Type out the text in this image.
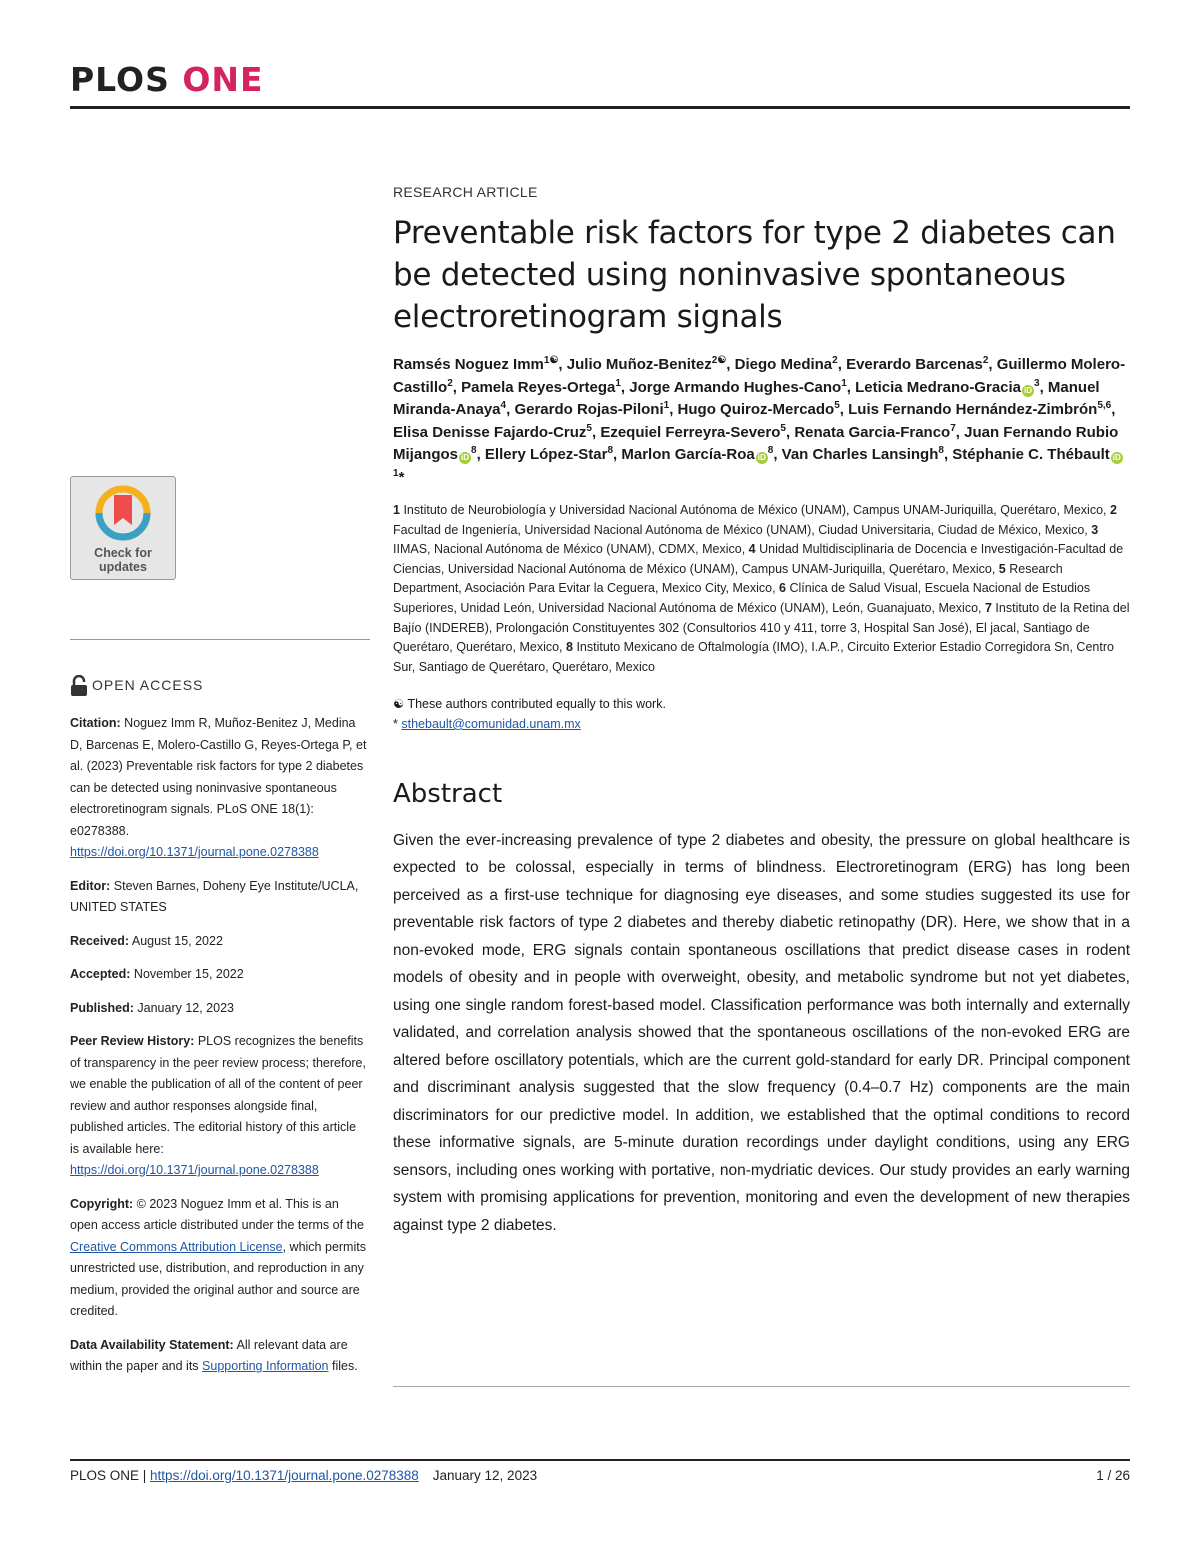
PLOS ONE
Check for
updates
OPEN ACCESS

Citation: Noguez Imm R, Muñoz-Benitez J, Medina D, Barcenas E, Molero-Castillo G, Reyes-Ortega P, et al. (2023) Preventable risk factors for type 2 diabetes can be detected using noninvasive spontaneous electroretinogram signals. PLoS ONE 18(1): e0278388. https://doi.org/10.1371/journal.pone.0278388

Editor: Steven Barnes, Doheny Eye Institute/UCLA, UNITED STATES

Received: August 15, 2022

Accepted: November 15, 2022

Published: January 12, 2023

Peer Review History: PLOS recognizes the benefits of transparency in the peer review process; therefore, we enable the publication of all of the content of peer review and author responses alongside final, published articles. The editorial history of this article is available here: https://doi.org/10.1371/journal.pone.0278388

Copyright: © 2023 Noguez Imm et al. This is an open access article distributed under the terms of the Creative Commons Attribution License, which permits unrestricted use, distribution, and reproduction in any medium, provided the original author and source are credited.

Data Availability Statement: All relevant data are within the paper and its Supporting Information files.

RESEARCH ARTICLE
Preventable risk factors for type 2 diabetes can be detected using noninvasive spontaneous electroretinogram signals
Ramsés Noguez Imm$^{1☯}$, Julio Muñoz-Benitez$^{2☯}$, Diego Medina$^2$, Everardo Barcenas$^2$, Guillermo Molero-Castillo$^2$, Pamela Reyes-Ortega$^1$, Jorge Armando Hughes-Cano$^1$, Leticia Medrano-Gracia $iD^3$, Manuel Miranda-Anaya$^4$, Gerardo Rojas-Piloni$^1$, Hugo Quiroz-Mercado$^5$, Luis Fernando Hernández-Zimbrón$^{5,6}$, Elisa Denisse Fajardo-Cruz$^5$, Ezequiel Ferreyra-Severo$^5$, Renata Garcia-Franco$^7$, Juan Fernando Rubio Mijangos $iD^8$, Ellery López-Star$^8$, Marlon García-Roa $iD^8$, Van Charles Lansingh$^8$, Stéphanie C. Thébault $iD^1*$
1 Instituto de Neurobiología y Universidad Nacional Autónoma de México (UNAM), Campus UNAM-Juriquilla, Querétaro, Mexico, 2 Facultad de Ingeniería, Universidad Nacional Autónoma de México (UNAM), Ciudad Universitaria, Ciudad de México, Mexico, 3 IIMAS, Nacional Autónoma de México (UNAM), CDMX, Mexico, 4 Unidad Multidisciplinaria de Docencia e Investigación-Facultad de Ciencias, Universidad Nacional Autónoma de México (UNAM), Campus UNAM-Juriquilla, Querétaro, Mexico, 5 Research Department, Asociación Para Evitar la Ceguera, Mexico City, Mexico, 6 Clínica de Salud Visual, Escuela Nacional de Estudios Superiores, Unidad León, Universidad Nacional Autónoma de México (UNAM), León, Guanajuato, Mexico, 7 Instituto de la Retina del Bajío (INDEREB), Prolongación Constituyentes 302 (Consultorios 410 y 411, torre 3, Hospital San José), El jacal, Santiago de Querétaro, Querétaro, Mexico, 8 Instituto Mexicano de Oftalmología (IMO), I.A.P., Circuito Exterior Estadio Corregidora Sn, Centro Sur, Santiago de Querétaro, Querétaro, Mexico
☯ These authors contributed equally to this work.
* sthebault@comunidad.unam.mx
Abstract
Given the ever-increasing prevalence of type 2 diabetes and obesity, the pressure on global healthcare is expected to be colossal, especially in terms of blindness. Electroretinogram (ERG) has long been perceived as a first-use technique for diagnosing eye diseases, and some studies suggested its use for preventable risk factors of type 2 diabetes and thereby diabetic retinopathy (DR). Here, we show that in a non-evoked mode, ERG signals contain spontaneous oscillations that predict disease cases in rodent models of obesity and in people with overweight, obesity, and metabolic syndrome but not yet diabetes, using one single random forest-based model. Classification performance was both internally and externally validated, and correlation analysis showed that the spontaneous oscillations of the non-evoked ERG are altered before oscillatory potentials, which are the current gold-standard for early DR. Principal component and discriminant analysis suggested that the slow frequency (0.4–0.7 Hz) components are the main discriminators for our predictive model. In addition, we established that the optimal conditions to record these informative signals, are 5-minute duration recordings under daylight conditions, using any ERG sensors, including ones working with portative, non-mydriatic devices. Our study provides an early warning system with promising applications for prevention, monitoring and even the development of new therapies against type 2 diabetes.
PLOS ONE | https://doi.org/10.1371/journal.pone.0278388 January 12, 2023	1 / 26
